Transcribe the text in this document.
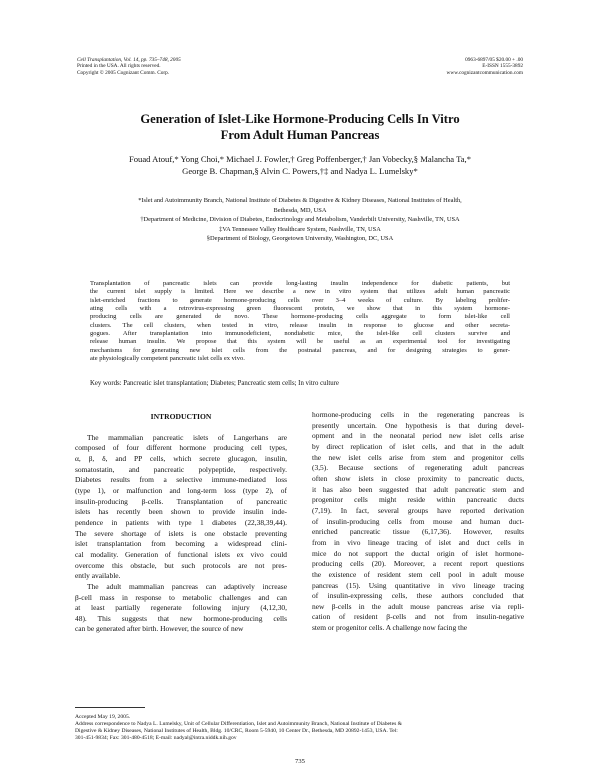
Cell Transplantation, Vol. 14, pp. 735–748, 2005
Printed in the USA. All rights reserved.
Copyright © 2005 Cognizant Comm. Corp.
0963-6897/05 $20.00 + .00
E-ISSN 1555-3892
www.cognizantcommunication.com
Generation of Islet-Like Hormone-Producing Cells In Vitro
From Adult Human Pancreas
Fouad Atouf,* Yong Choi,* Michael J. Fowler,† Greg Poffenberger,† Jan Vobecky,§ Malancha Ta,*
George B. Chapman,§ Alvin C. Powers,†‡ and Nadya L. Lumelsky*
*Islet and Autoimmunity Branch, National Institute of Diabetes & Digestive & Kidney Diseases, National Institutes of Health,
Bethesda, MD, USA
†Department of Medicine, Division of Diabetes, Endocrinology and Metabolism, Vanderbilt University, Nashville, TN, USA
‡VA Tennessee Valley Healthcare System, Nashville, TN, USA
§Department of Biology, Georgetown University, Washington, DC, USA
Transplantation of pancreatic islets can provide long-lasting insulin independence for diabetic patients, but
the current islet supply is limited. Here we describe a new in vitro system that utilizes adult human pancreatic
islet-enriched fractions to generate hormone-producing cells over 3–4 weeks of culture. By labeling prolifer-
ating cells with a retrovirus-expressing green fluorescent protein, we show that in this system hormone-
producing cells are generated de novo. These hormone-producing cells aggregate to form islet-like cell
clusters. The cell clusters, when tested in vitro, release insulin in response to glucose and other secreta-
gogues. After transplantation into immunodeficient, nondiabetic mice, the islet-like cell clusters survive and
release human insulin. We propose that this system will be useful as an experimental tool for investigating
mechanisms for generating new islet cells from the postnatal pancreas, and for designing strategies to gener-
ate physiologically competent pancreatic islet cells ex vivo.
Key words: Pancreatic islet transplantation; Diabetes; Pancreatic stem cells; In vitro culture
INTRODUCTION
The mammalian pancreatic islets of Langerhans are
composed of four different hormone producing cell types,
α, β, δ, and PP cells, which secrete glucagon, insulin,
somatostatin, and pancreatic polypeptide, respectively.
Diabetes results from a selective immune-mediated loss
(type 1), or malfunction and long-term loss (type 2), of
insulin-producing β-cells. Transplantation of pancreatic
islets has recently been shown to provide insulin inde-
pendence in patients with type 1 diabetes (22,38,39,44).
The severe shortage of islets is one obstacle preventing
islet transplantation from becoming a widespread clini-
cal modality. Generation of functional islets ex vivo could
overcome this obstacle, but such protocols are not pres-
ently available.
The adult mammalian pancreas can adaptively increase
β-cell mass in response to metabolic challenges and can
at least partially regenerate following injury (4,12,30,
48). This suggests that new hormone-producing cells
can be generated after birth. However, the source of new
hormone-producing cells in the regenerating pancreas is
presently uncertain. One hypothesis is that during devel-
opment and in the neonatal period new islet cells arise
by direct replication of islet cells, and that in the adult
the new islet cells arise from stem and progenitor cells
(3,5). Because sections of regenerating adult pancreas
often show islets in close proximity to pancreatic ducts,
it has also been suggested that adult pancreatic stem and
progenitor cells might reside within pancreatic ducts
(7,19). In fact, several groups have reported derivation
of insulin-producing cells from mouse and human duct-
enriched pancreatic tissue (6,17,36). However, results
from in vivo lineage tracing of islet and duct cells in
mice do not support the ductal origin of islet hormone-
producing cells (20). Moreover, a recent report questions
the existence of resident stem cell pool in adult mouse
pancreas (15). Using quantitative in vivo lineage tracing
of insulin-expressing cells, these authors concluded that
new β-cells in the adult mouse pancreas arise via repli-
cation of resident β-cells and not from insulin-negative
stem or progenitor cells. A challenge now facing the
Accepted May 19, 2005.
Address correspondence to Nadya L. Lumelsky, Unit of Cellular Differentiation, Islet and Autoimmunity Branch, National Institute of Diabetes &
Digestive & Kidney Diseases, National Institutes of Health, Bldg. 10/CRC, Room 5-5940, 10 Center Dr., Bethesda, MD 20892-1453, USA. Tel:
301-451-9834; Fax: 301-480-4518; E-mail: nadyal@intra.niddk.nih.gov
735
